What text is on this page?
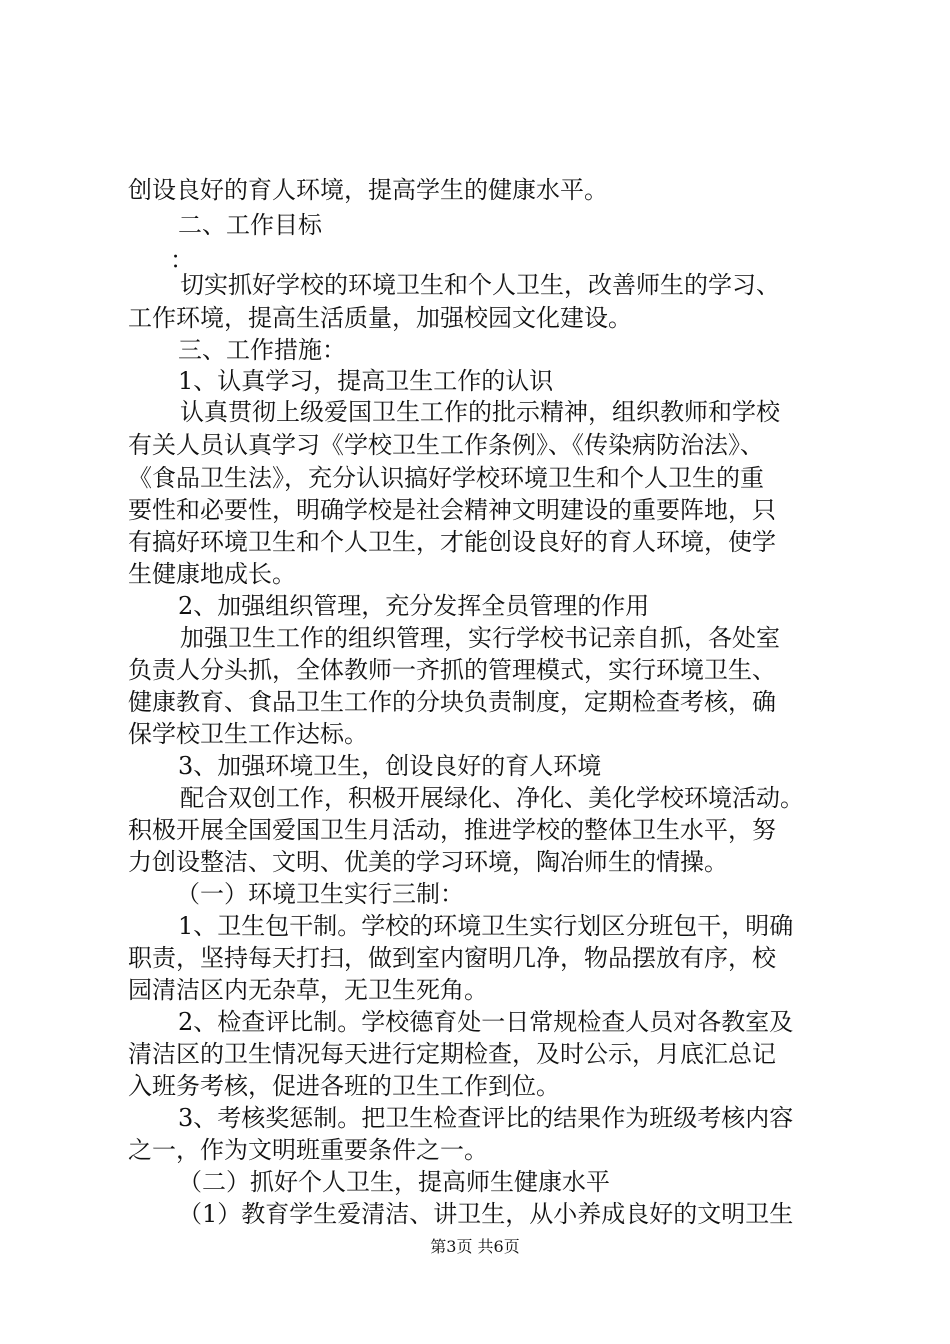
创设良好的育人环境，提高学生的健康水平。
二、工作目标
：
切实抓好学校的环境卫生和个人卫生，改善师生的学习、
工作环境，提高生活质量，加强校园文化建设。
三、工作措施：
1、认真学习，提高卫生工作的认识
认真贯彻上级爱国卫生工作的批示精神，组织教师和学校
有关人员认真学习《学校卫生工作条例》、《传染病防治法》、
《食品卫生法》，充分认识搞好学校环境卫生和个人卫生的重
要性和必要性，明确学校是社会精神文明建设的重要阵地，只
有搞好环境卫生和个人卫生，才能创设良好的育人环境，使学
生健康地成长。
2、加强组织管理，充分发挥全员管理的作用
加强卫生工作的组织管理，实行学校书记亲自抓，各处室
负责人分头抓，全体教师一齐抓的管理模式，实行环境卫生、
健康教育、食品卫生工作的分块负责制度，定期检查考核，确
保学校卫生工作达标。
3、加强环境卫生，创设良好的育人环境
配合双创工作，积极开展绿化、净化、美化学校环境活动。
积极开展全国爱国卫生月活动，推进学校的整体卫生水平，努
力创设整洁、文明、优美的学习环境，陶冶师生的情操。
（一）环境卫生实行三制：
1、卫生包干制。学校的环境卫生实行划区分班包干，明确
职责，坚持每天打扫，做到室内窗明几净，物品摆放有序，校
园清洁区内无杂草，无卫生死角。
2、检查评比制。学校德育处一日常规检查人员对各教室及
清洁区的卫生情况每天进行定期检查，及时公示，月底汇总记
入班务考核，促进各班的卫生工作到位。
3、考核奖惩制。把卫生检查评比的结果作为班级考核内容
之一，作为文明班重要条件之一。
（二）抓好个人卫生，提高师生健康水平
（1）教育学生爱清洁、讲卫生，从小养成良好的文明卫生
第3页 共6页
